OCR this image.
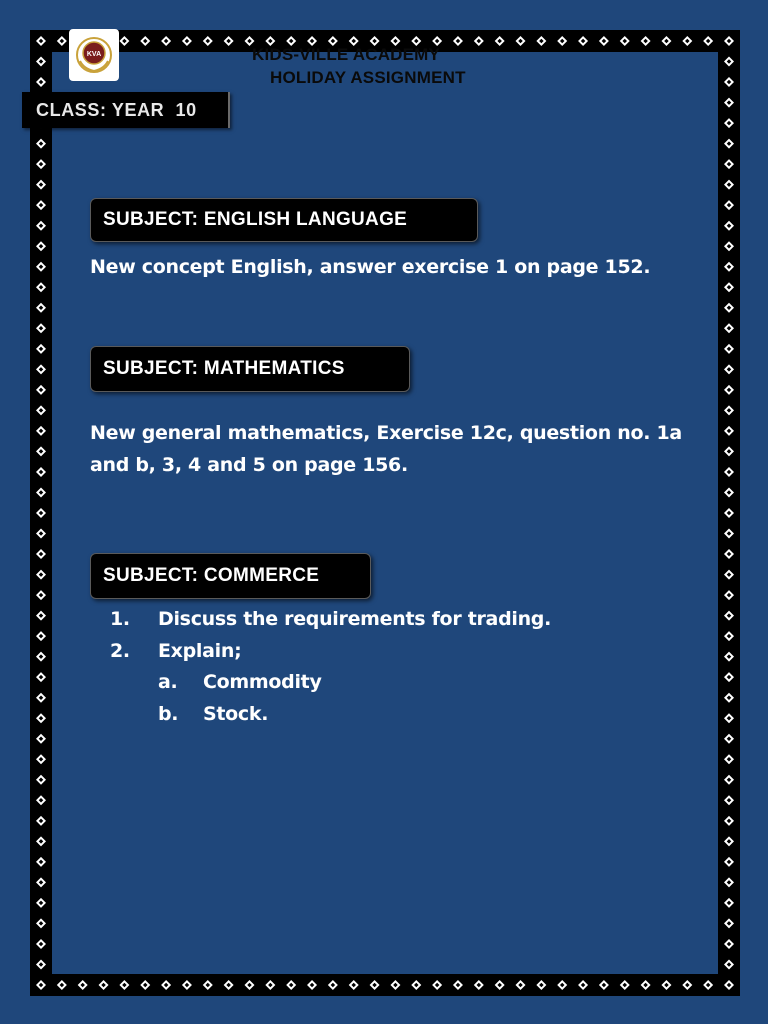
KVA	KIDS-VILLE ACADEMY
HOLIDAY ASSIGNMENT
CLASS: YEAR  10
SUBJECT: ENGLISH LANGUAGE
New concept English, answer exercise 1 on page 152.
SUBJECT: MATHEMATICS
New general mathematics, Exercise 12c, question no. 1a and b, 3, 4 and 5 on page 156.
SUBJECT: COMMERCE
1. Discuss the requirements for trading.
2. Explain;
a. Commodity
b. Stock.
